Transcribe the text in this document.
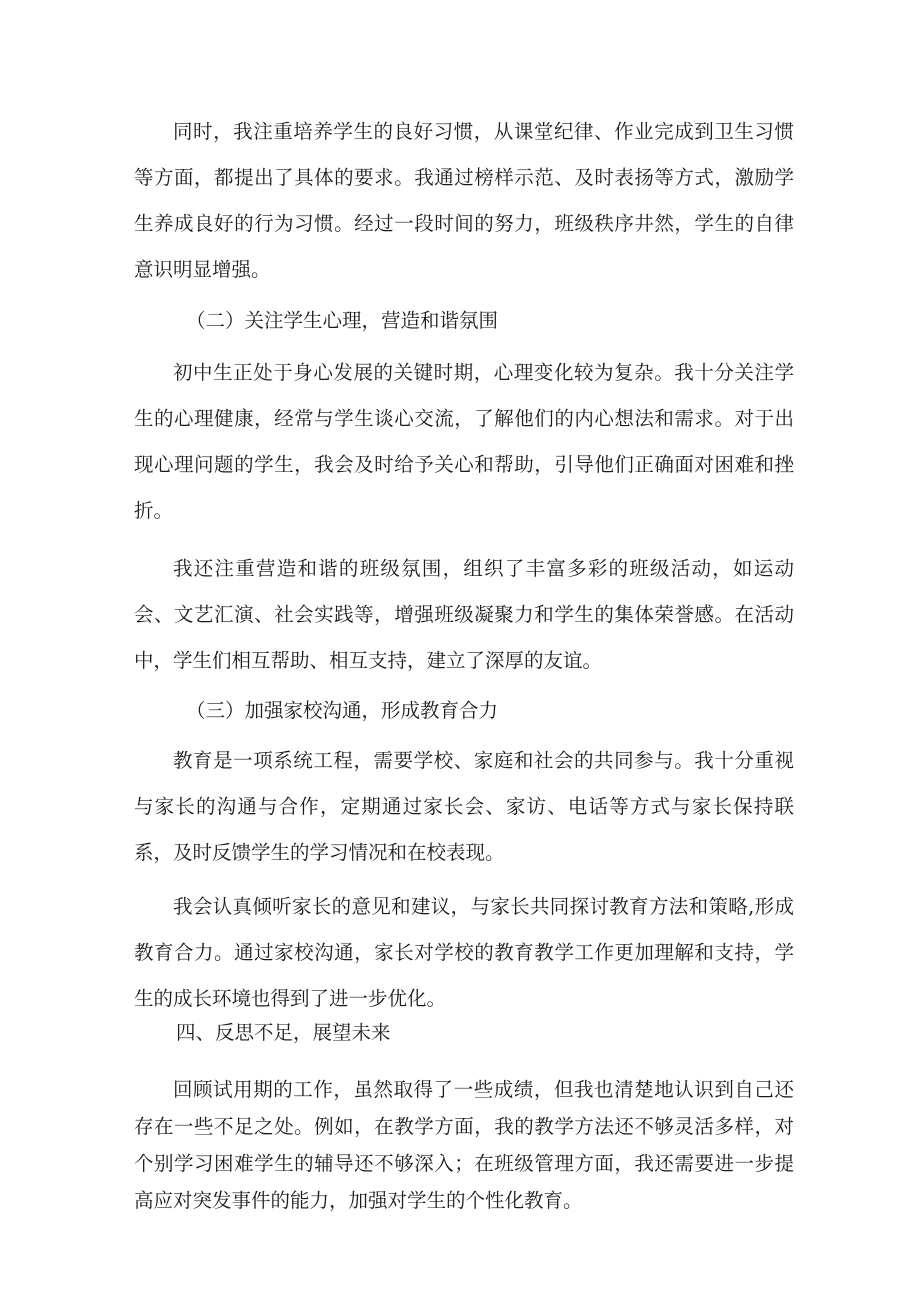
同时，我注重培养学生的良好习惯，从课堂纪律、作业完成到卫生习惯等方面，都提出了具体的要求。我通过榜样示范、及时表扬等方式，激励学生养成良好的行为习惯。经过一段时间的努力，班级秩序井然，学生的自律意识明显增强。

（二）关注学生心理，营造和谐氛围

初中生正处于身心发展的关键时期，心理变化较为复杂。我十分关注学生的心理健康，经常与学生谈心交流，了解他们的内心想法和需求。对于出现心理问题的学生，我会及时给予关心和帮助，引导他们正确面对困难和挫折。

我还注重营造和谐的班级氛围，组织了丰富多彩的班级活动，如运动会、文艺汇演、社会实践等，增强班级凝聚力和学生的集体荣誉感。在活动中，学生们相互帮助、相互支持，建立了深厚的友谊。

（三）加强家校沟通，形成教育合力

教育是一项系统工程，需要学校、家庭和社会的共同参与。我十分重视与家长的沟通与合作，定期通过家长会、家访、电话等方式与家长保持联系，及时反馈学生的学习情况和在校表现。

我会认真倾听家长的意见和建议，与家长共同探讨教育方法和策略,形成教育合力。通过家校沟通，家长对学校的教育教学工作更加理解和支持，学生的成长环境也得到了进一步优化。

四、反思不足，展望未来

回顾试用期的工作，虽然取得了一些成绩，但我也清楚地认识到自己还存在一些不足之处。例如，在教学方面，我的教学方法还不够灵活多样，对个别学习困难学生的辅导还不够深入；在班级管理方面，我还需要进一步提高应对突发事件的能力，加强对学生的个性化教育。
